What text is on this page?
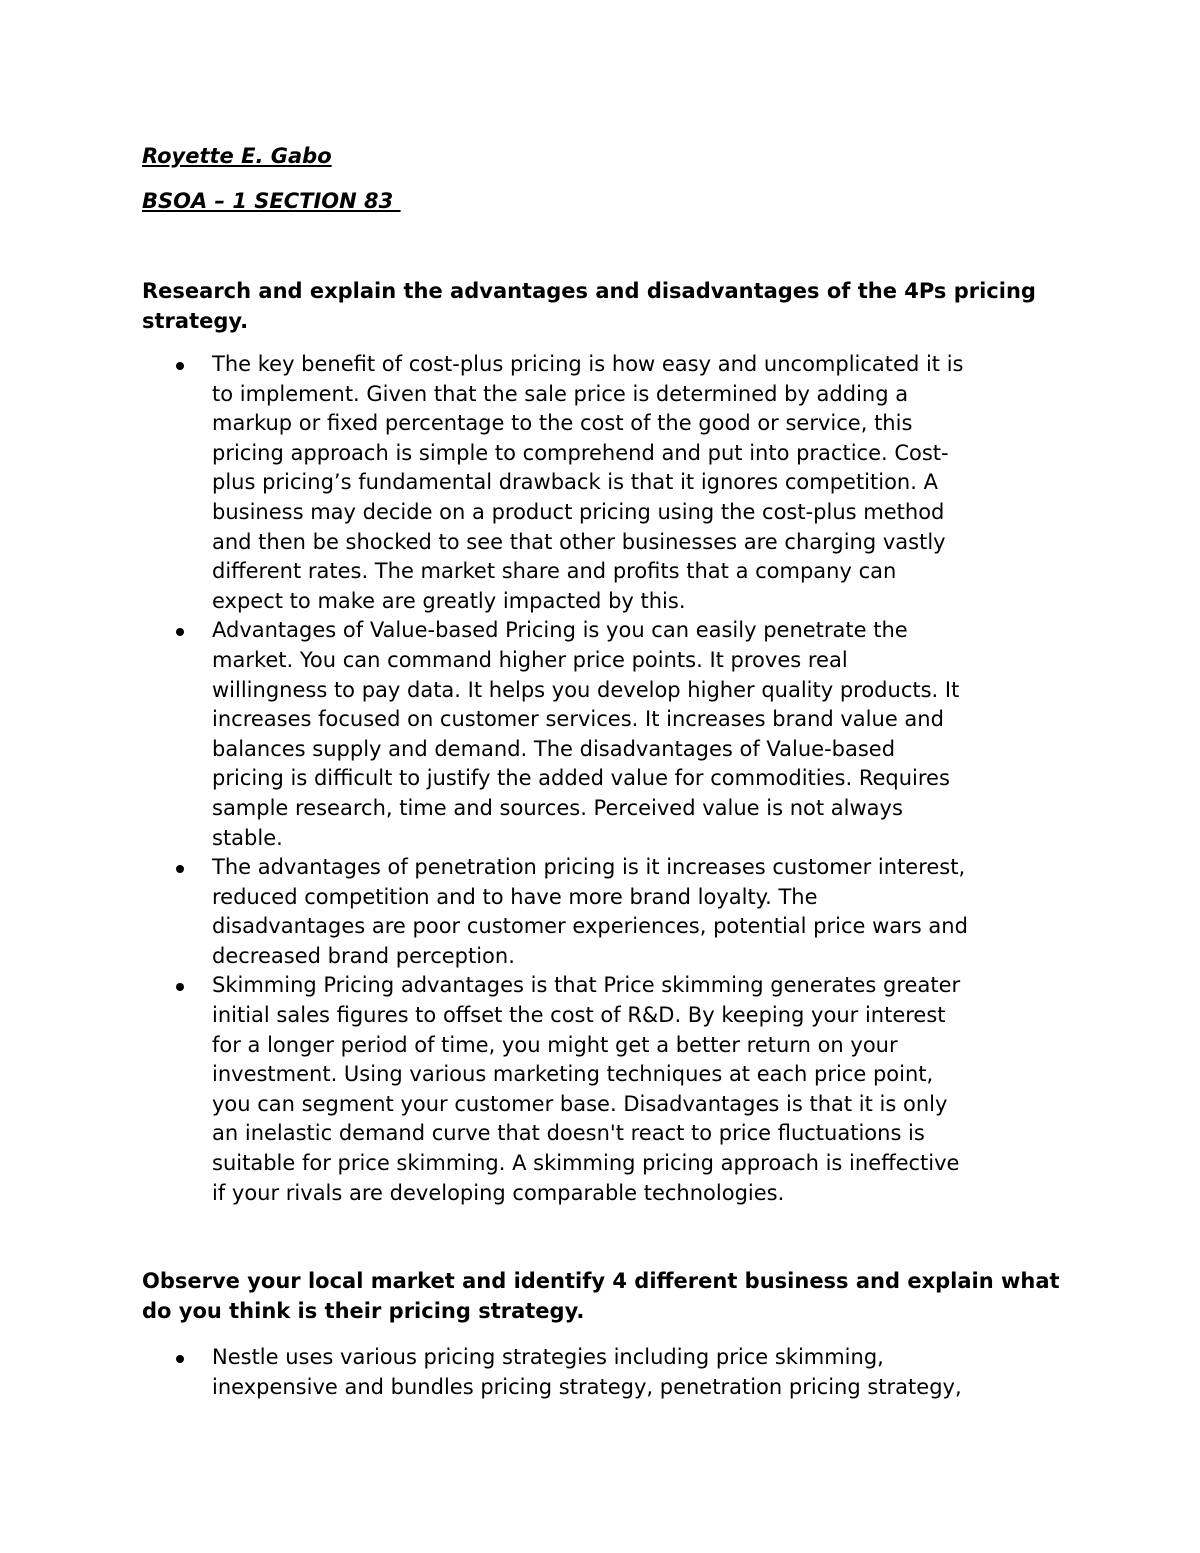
Royette E. Gabo
BSOA – 1 SECTION 83

Research and explain the advantages and disadvantages of the 4Ps pricing strategy.

The key benefit of cost-plus pricing is how easy and uncomplicated it is
to implement. Given that the sale price is determined by adding a
markup or fixed percentage to the cost of the good or service, this
pricing approach is simple to comprehend and put into practice. Cost-
plus pricing’s fundamental drawback is that it ignores competition. A
business may decide on a product pricing using the cost-plus method
and then be shocked to see that other businesses are charging vastly
different rates. The market share and profits that a company can
expect to make are greatly impacted by this.
Advantages of Value-based Pricing is you can easily penetrate the
market. You can command higher price points. It proves real
willingness to pay data. It helps you develop higher quality products. It
increases focused on customer services. It increases brand value and
balances supply and demand. The disadvantages of Value-based
pricing is difficult to justify the added value for commodities. Requires
sample research, time and sources. Perceived value is not always
stable.
The advantages of penetration pricing is it increases customer interest,
reduced competition and to have more brand loyalty. The
disadvantages are poor customer experiences, potential price wars and
decreased brand perception.
Skimming Pricing advantages is that Price skimming generates greater
initial sales figures to offset the cost of R&D. By keeping your interest
for a longer period of time, you might get a better return on your
investment. Using various marketing techniques at each price point,
you can segment your customer base. Disadvantages is that it is only
an inelastic demand curve that doesn't react to price fluctuations is
suitable for price skimming. A skimming pricing approach is ineffective
if your rivals are developing comparable technologies.

Observe your local market and identify 4 different business and explain what do you think is their pricing strategy.

Nestle uses various pricing strategies including price skimming,
inexpensive and bundles pricing strategy, penetration pricing strategy,
